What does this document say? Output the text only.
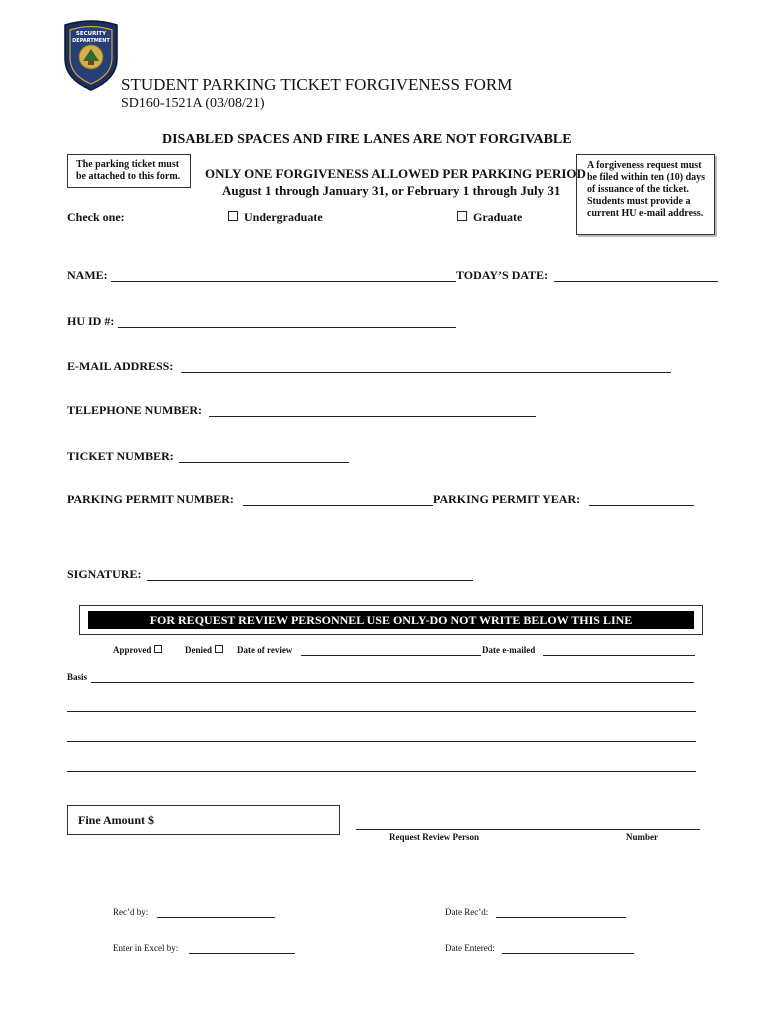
SECURITY
DEPARTMENT
STUDENT PARKING TICKET FORGIVENESS FORM
SD160-1521A (03/08/21)
DISABLED SPACES AND FIRE LANES ARE NOT FORGIVABLE
The parking ticket must be attached to this form.
A forgiveness request must be filed within ten (10) days of issuance of the ticket. Students must provide a current HU e-mail address.
ONLY ONE FORGIVENESS ALLOWED PER PARKING PERIOD
August 1 through January 31, or February 1 through July 31
Check one:	Undergraduate	Graduate
NAME:	TODAY’S DATE:
HU ID #:
E-MAIL ADDRESS:
TELEPHONE NUMBER:
TICKET NUMBER:
PARKING PERMIT NUMBER:	PARKING PERMIT YEAR:
SIGNATURE:
FOR REQUEST REVIEW PERSONNEL USE ONLY-DO NOT WRITE BELOW THIS LINE
Approved	Denied	Date of review	Date e-mailed
Basis
Fine Amount $
Request Review Person	Number
Rec’d by:	Date Rec’d:
Enter in Excel by:	Date Entered:
